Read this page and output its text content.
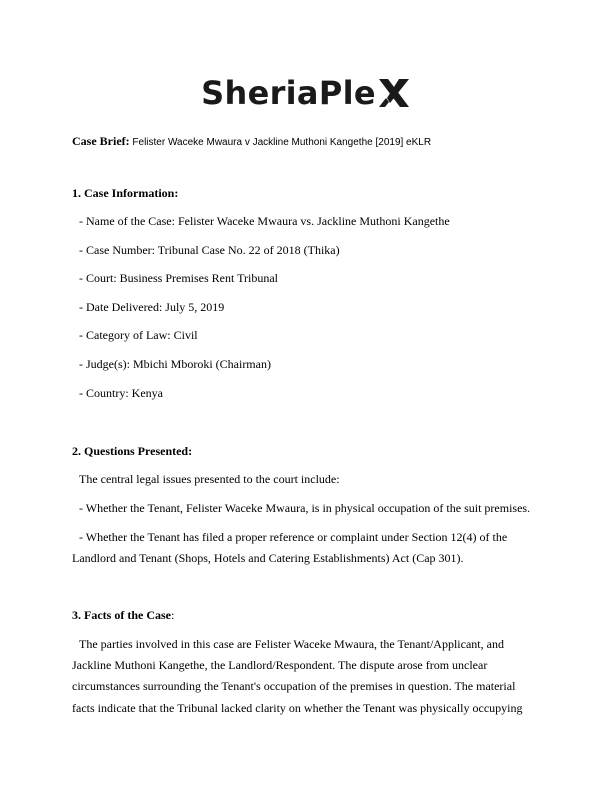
SheriaPle
Case Brief: Felister Waceke Mwaura v Jackline Muthoni Kangethe [2019] eKLR
1. Case Information:
- Name of the Case: Felister Waceke Mwaura vs. Jackline Muthoni Kangethe
- Case Number: Tribunal Case No. 22 of 2018 (Thika)
- Court: Business Premises Rent Tribunal
- Date Delivered: July 5, 2019
- Category of Law: Civil
- Judge(s): Mbichi Mboroki (Chairman)
- Country: Kenya
2. Questions Presented:
The central legal issues presented to the court include:
- Whether the Tenant, Felister Waceke Mwaura, is in physical occupation of the suit premises.
- Whether the Tenant has filed a proper reference or complaint under Section 12(4) of the
Landlord and Tenant (Shops, Hotels and Catering Establishments) Act (Cap 301).
3. Facts of the Case:
The parties involved in this case are Felister Waceke Mwaura, the Tenant/Applicant, and
Jackline Muthoni Kangethe, the Landlord/Respondent. The dispute arose from unclear
circumstances surrounding the Tenant's occupation of the premises in question. The material
facts indicate that the Tribunal lacked clarity on whether the Tenant was physically occupying
